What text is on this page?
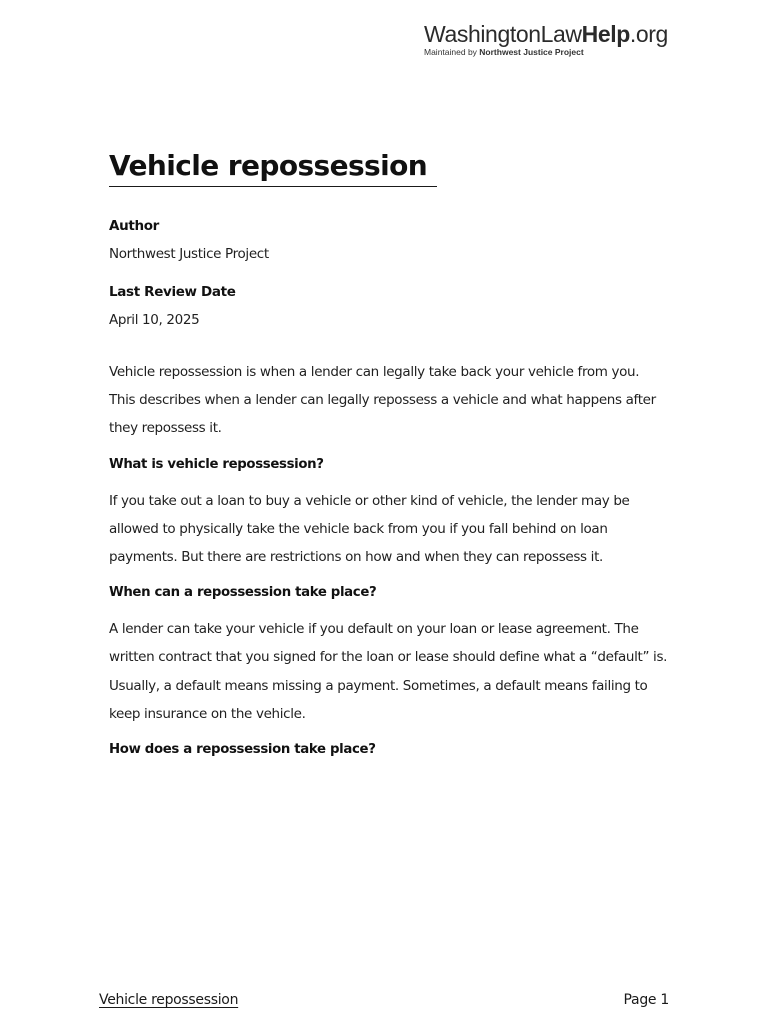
WashingtonLawHelp.org
Maintained by Northwest Justice Project
Vehicle repossession
Author
Northwest Justice Project
Last Review Date
April 10, 2025

Vehicle repossession is when a lender can legally take back your vehicle from you. This describes when a lender can legally repossess a vehicle and what happens after they repossess it.

What is vehicle repossession?

If you take out a loan to buy a vehicle or other kind of vehicle, the lender may be allowed to physically take the vehicle back from you if you fall behind on loan payments. But there are restrictions on how and when they can repossess it.

When can a repossession take place?

A lender can take your vehicle if you default on your loan or lease agreement. The written contract that you signed for the loan or lease should define what a “default” is. Usually, a default means missing a payment. Sometimes, a default means failing to keep insurance on the vehicle.

How does a repossession take place?
Vehicle repossession	Page 1
